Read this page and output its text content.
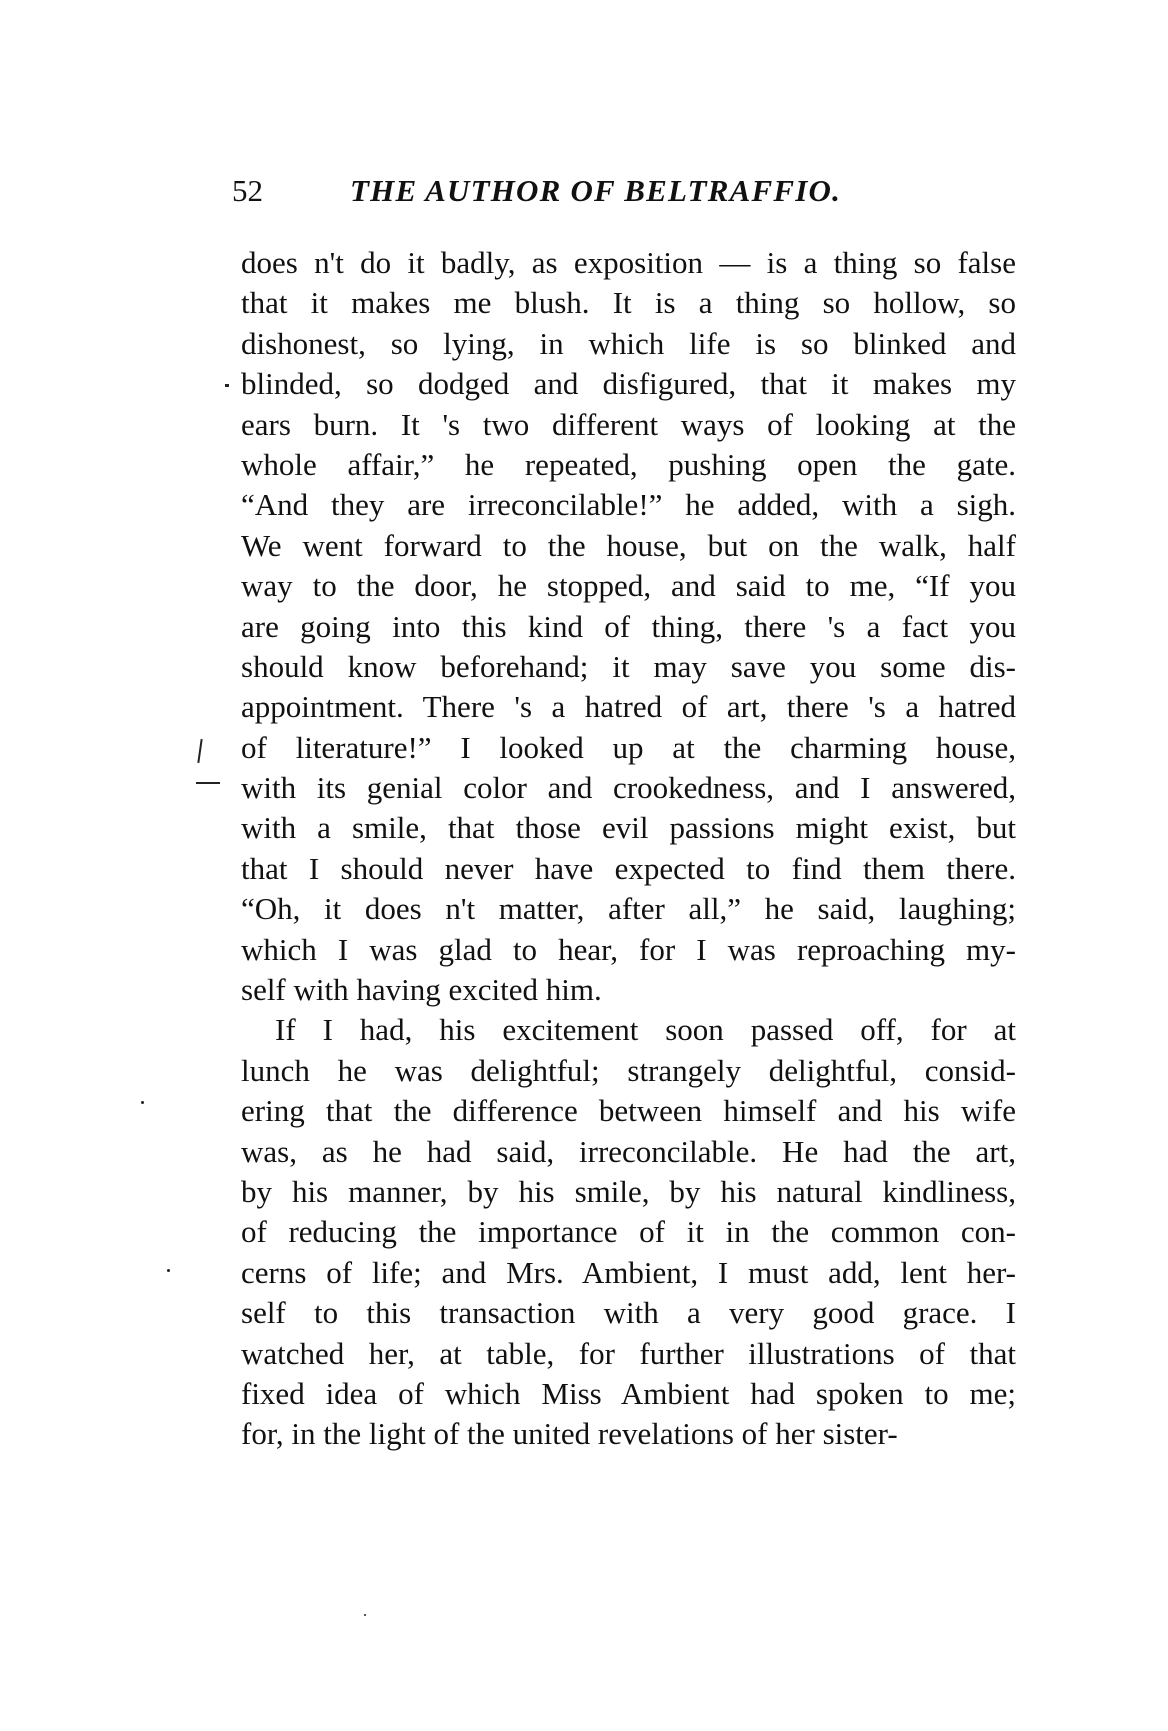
52	THE AUTHOR OF BELTRAFFIO.
does n't do it badly, as exposition — is a thing so false
that it makes me blush. It is a thing so hollow, so
dishonest, so lying, in which life is so blinked and
blinded, so dodged and disfigured, that it makes my
ears burn. It 's two different ways of looking at the
whole affair,” he repeated, pushing open the gate.
“And they are irreconcilable!” he added, with a sigh.
We went forward to the house, but on the walk, half
way to the door, he stopped, and said to me, “If you
are going into this kind of thing, there 's a fact you
should know beforehand; it may save you some dis-
appointment. There 's a hatred of art, there 's a hatred
of literature!” I looked up at the charming house,
with its genial color and crookedness, and I answered,
with a smile, that those evil passions might exist, but
that I should never have expected to find them there.
“Oh, it does n't matter, after all,” he said, laughing;
which I was glad to hear, for I was reproaching my-
self with having excited him.
If I had, his excitement soon passed off, for at
lunch he was delightful; strangely delightful, consid-
ering that the difference between himself and his wife
was, as he had said, irreconcilable. He had the art,
by his manner, by his smile, by his natural kindliness,
of reducing the importance of it in the common con-
cerns of life; and Mrs. Ambient, I must add, lent her-
self to this transaction with a very good grace. I
watched her, at table, for further illustrations of that
fixed idea of which Miss Ambient had spoken to me;
for, in the light of the united revelations of her sister-
